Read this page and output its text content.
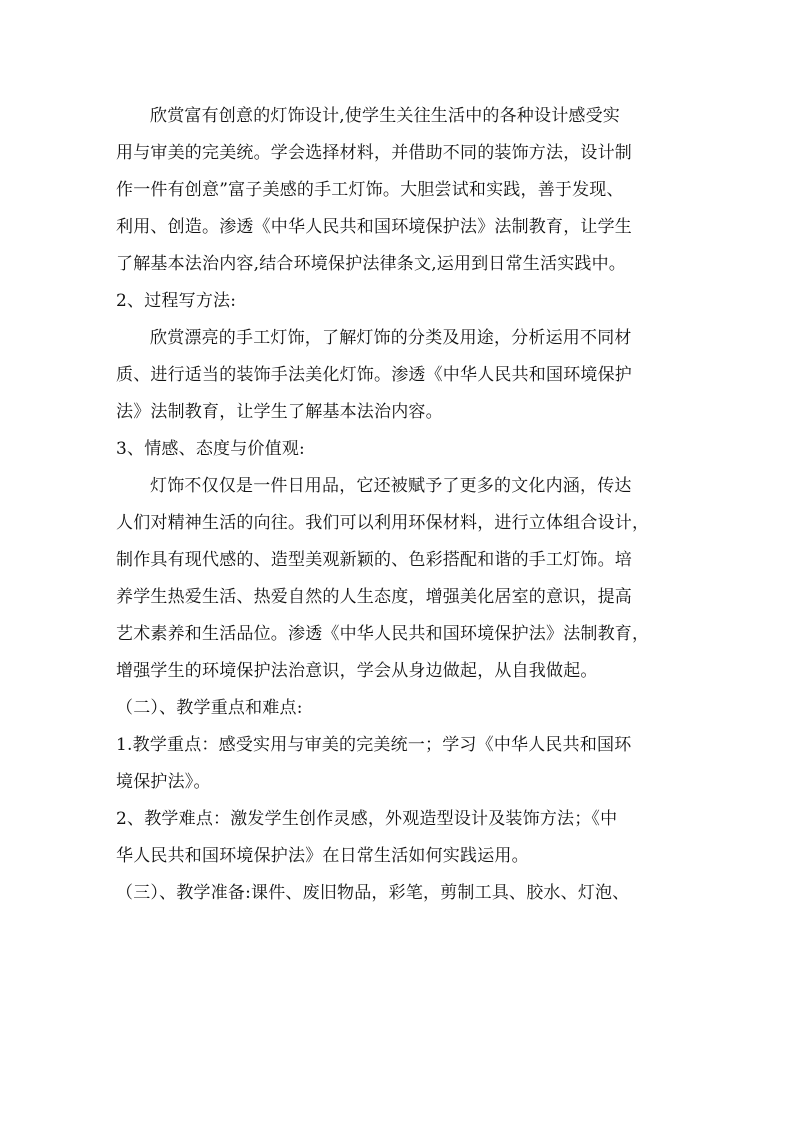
欣赏富有创意的灯饰设计,使学生关往生活中的各种设计感受实
用与审美的完美统。学会选择材料，并借助不同的装饰方法，设计制
作一件有创意”富子美感的手工灯饰。大胆尝试和实践，善于发现、
利用、创造。渗透《中华人民共和国环境保护法》法制教育，让学生
了解基本法治内容,结合环境保护法律条文,运用到日常生活实践中。
2、过程写方法:
欣赏漂亮的手工灯饰，了解灯饰的分类及用途，分析运用不同材
质、进行适当的装饰手法美化灯饰。渗透《中华人民共和国环境保护
法》法制教育，让学生了解基本法治内容。
3、情感、态度与价值观:
灯饰不仅仅是一件日用品，它还被赋予了更多的文化内涵，传达
人们对精神生活的向往。我们可以利用环保材料，进行立体组合设计，
制作具有现代感的、造型美观新颖的、色彩搭配和谐的手工灯饰。培
养学生热爱生活、热爱自然的人生态度，增强美化居室的意识，提高
艺术素养和生活品位。渗透《中华人民共和国环境保护法》法制教育，
增强学生的环境保护法治意识，学会从身边做起，从自我做起。
（二）、教学重点和难点:
1.教学重点：感受实用与审美的完美统一；学习《中华人民共和国环
境保护法》。
2、教学难点：激发学生创作灵感，外观造型设计及装饰方法；《中
华人民共和国环境保护法》在日常生活如何实践运用。
（三）、教学准备:课件、废旧物品，彩笔，剪制工具、胶水、灯泡、
